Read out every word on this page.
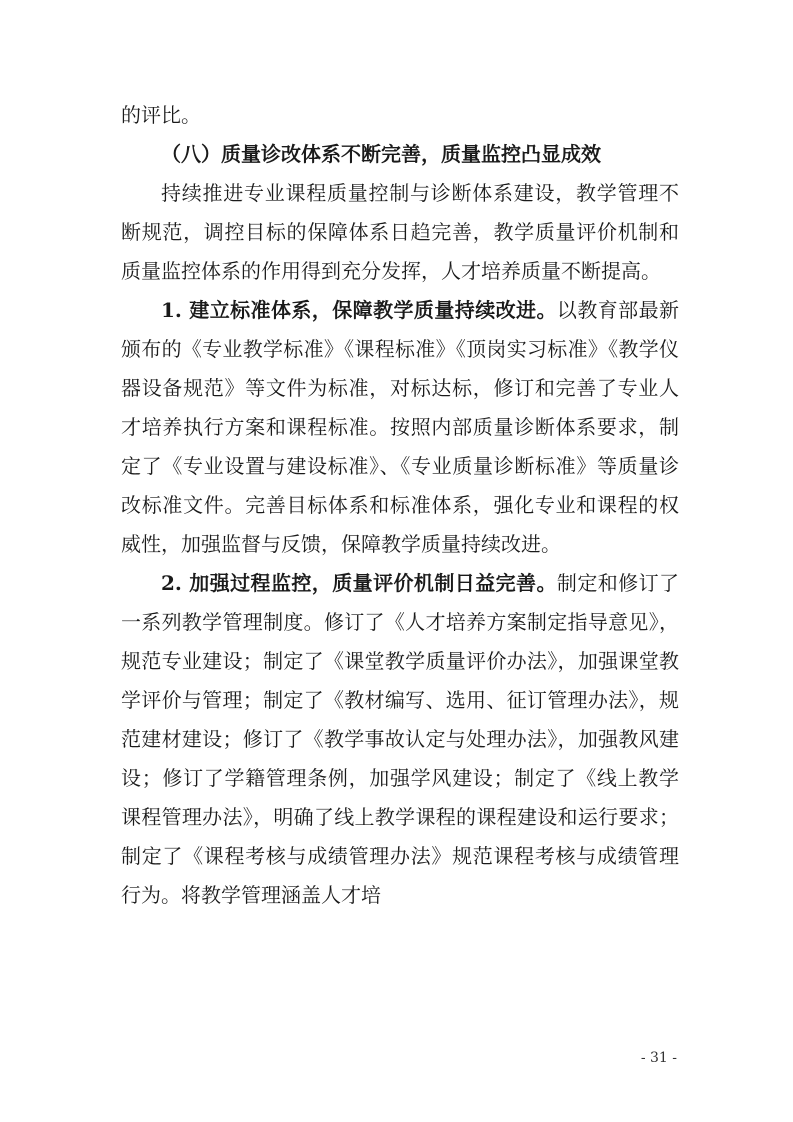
的评比。

（八）质量诊改体系不断完善，质量监控凸显成效

持续推进专业课程质量控制与诊断体系建设，教学管理不断规范，调控目标的保障体系日趋完善，教学质量评价机制和质量监控体系的作用得到充分发挥，人才培养质量不断提高。

1. 建立标准体系，保障教学质量持续改进。以教育部最新颁布的《专业教学标准》《课程标准》《顶岗实习标准》《教学仪器设备规范》等文件为标准，对标达标，修订和完善了专业人才培养执行方案和课程标准。按照内部质量诊断体系要求，制定了《专业设置与建设标准》、《专业质量诊断标准》等质量诊改标准文件。完善目标体系和标准体系，强化专业和课程的权威性，加强监督与反馈，保障教学质量持续改进。

2. 加强过程监控，质量评价机制日益完善。制定和修订了一系列教学管理制度。修订了《人才培养方案制定指导意见》，规范专业建设；制定了《课堂教学质量评价办法》，加强课堂教学评价与管理；制定了《教材编写、选用、征订管理办法》，规范建材建设；修订了《教学事故认定与处理办法》，加强教风建设；修订了学籍管理条例，加强学风建设；制定了《线上教学课程管理办法》，明确了线上教学课程的课程建设和运行要求；制定了《课程考核与成绩管理办法》规范课程考核与成绩管理行为。将教学管理涵盖人才培

- 31 -
